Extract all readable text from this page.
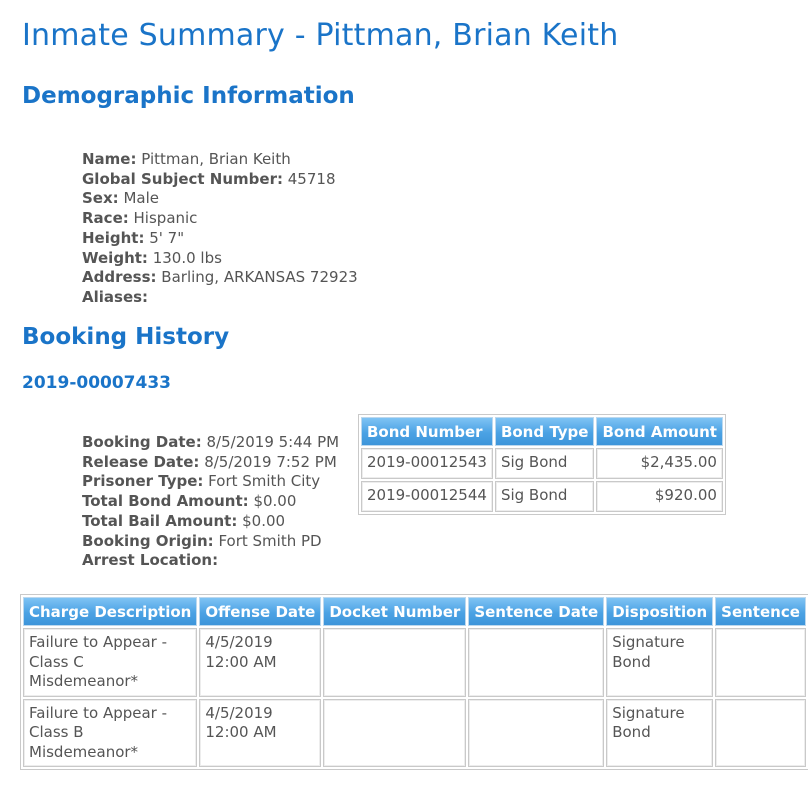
Inmate Summary - Pittman, Brian Keith
Demographic Information
Name: Pittman, Brian Keith
Global Subject Number: 45718
Sex: Male
Race: Hispanic
Height: 5' 7"
Weight: 130.0 lbs
Address: Barling, ARKANSAS 72923
Aliases:
Booking History
2019-00007433
Booking Date: 8/5/2019 5:44 PM
Release Date: 8/5/2019 7:52 PM
Prisoner Type: Fort Smith City
Total Bond Amount: $0.00
Total Bail Amount: $0.00
Booking Origin: Fort Smith PD
Arrest Location:
Bond Number	Bond Type	Bond Amount
2019-00012543	Sig Bond	$2,435.00
2019-00012544	Sig Bond	$920.00
Charge Description	Offense Date	Docket Number	Sentence Date	Disposition	Sentence
Failure to Appear - Class C Misdemeanor*	4/5/2019 12:00 AM			Signature Bond	
Failure to Appear - Class B Misdemeanor*	4/5/2019 12:00 AM			Signature Bond	
